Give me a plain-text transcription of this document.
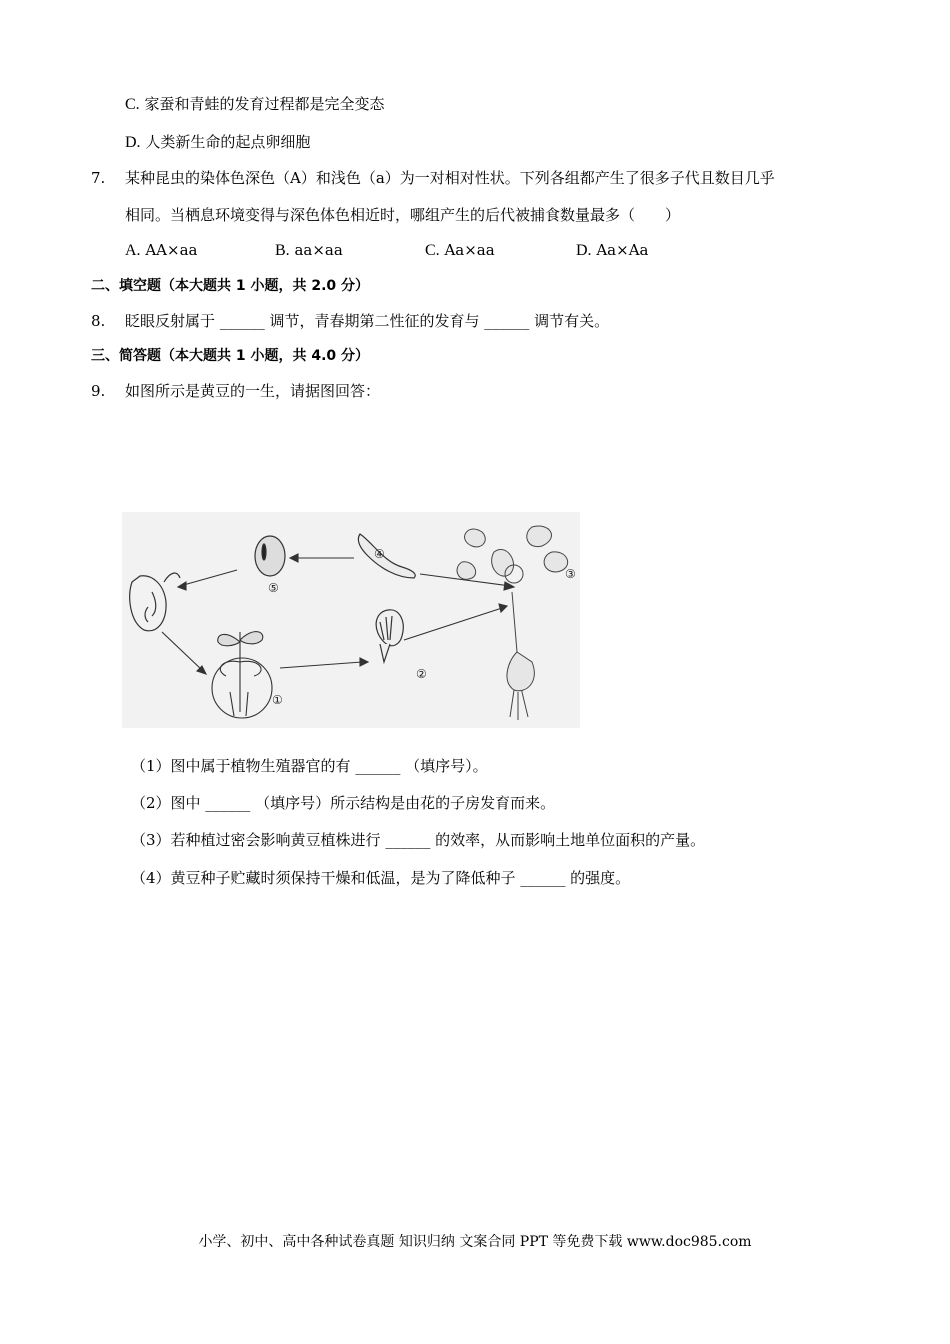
C. 家蚕和青蛙的发育过程都是完全变态
D. 人类新生命的起点卵细胞
7. 某种昆虫的染体色深色（A）和浅色（a）为一对相对性状。下列各组都产生了很多子代且数目几乎
相同。当栖息环境变得与深色体色相近时，哪组产生的后代被捕食数量最多（　　）
A. AA×aa	B. aa×aa	C. Aa×aa	D. Aa×Aa
二、填空题（本大题共 1 小题，共 2.0 分）
8. 眨眼反射属于 ______ 调节，青春期第二性征的发育与 ______ 调节有关。
三、简答题（本大题共 1 小题，共 4.0 分）
9. 如图所示是黄豆的一生，请据图回答：
①
②
③
④
⑤
（1）图中属于植物生殖器官的有 ______ （填序号）。
（2）图中 ______ （填序号）所示结构是由花的子房发育而来。
（3）若种植过密会影响黄豆植株进行 ______ 的效率，从而影响土地单位面积的产量。
（4）黄豆种子贮藏时须保持干燥和低温，是为了降低种子 ______ 的强度。
小学、初中、高中各种试卷真题 知识归纳 文案合同 PPT 等免费下载 www.doc985.com
